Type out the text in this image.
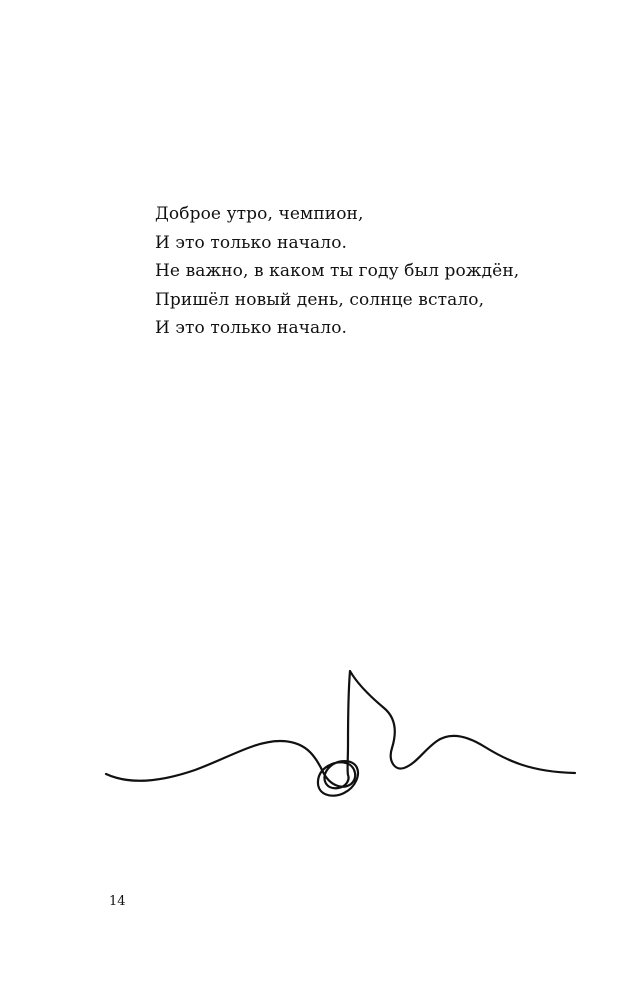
Доброе утро, чемпион,
И это только начало.
Не важно, в каком ты году был рождён,
Пришёл новый день, солнце встало,
И это только начало.
14
